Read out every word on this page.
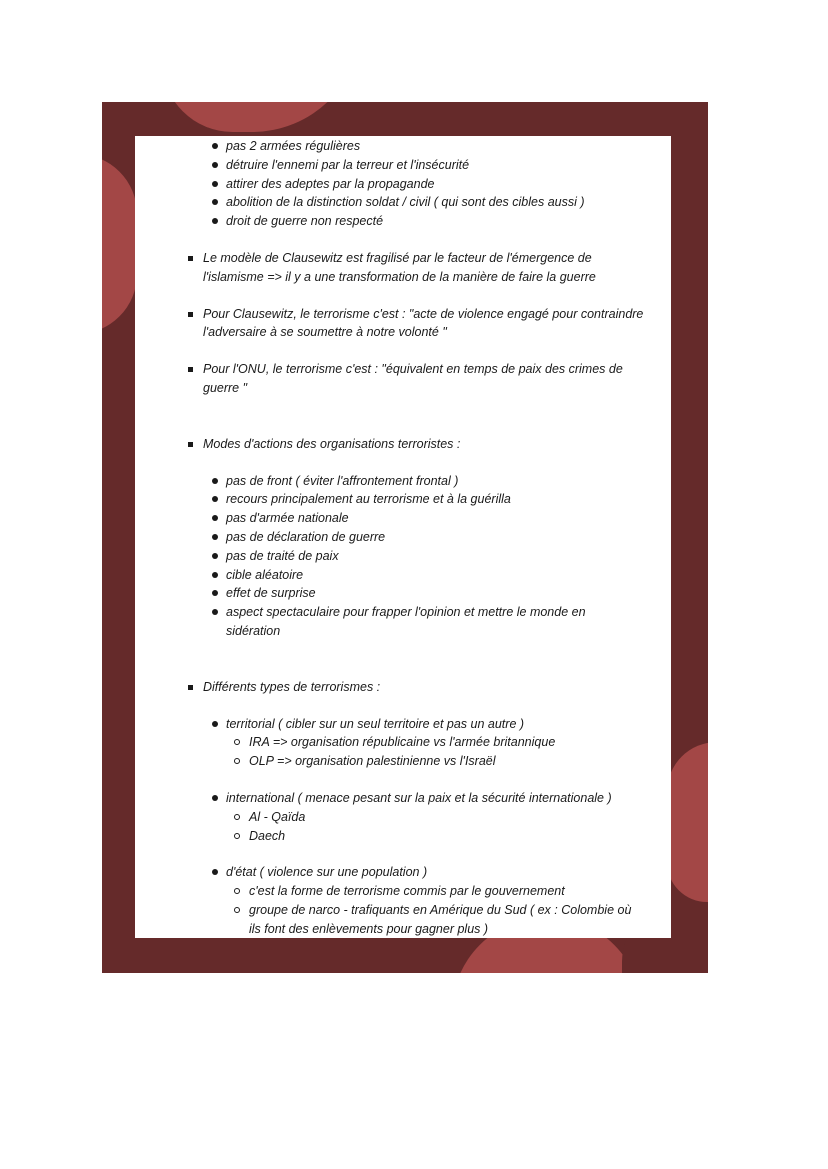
pas 2 armées régulières
détruire l'ennemi par la terreur et l'insécurité
attirer des adeptes par la propagande
abolition de la distinction soldat / civil ( qui sont des cibles aussi )
droit de guerre non respecté
Le modèle de Clausewitz est fragilisé par le facteur de l'émergence de
l'islamisme => il y a une transformation de la manière de faire la guerre
Pour Clausewitz, le terrorisme c'est : "acte de violence engagé pour contraindre
l'adversaire à se soumettre à notre volonté "
Pour l'ONU, le terrorisme c'est : "équivalent en temps de paix des crimes de
guerre "
Modes d'actions des organisations terroristes :
pas de front ( éviter l'affrontement frontal )
recours principalement au terrorisme et à la guérilla
pas d'armée nationale
pas de déclaration de guerre
pas de traité de paix
cible aléatoire
effet de surprise
aspect spectaculaire pour frapper l'opinion et mettre le monde en
sidération
Différents types de terrorismes :
territorial ( cibler sur un seul territoire et pas un autre )
IRA => organisation républicaine vs l'armée britannique
OLP => organisation palestinienne vs l'Israël
international ( menace pesant sur la paix et la sécurité internationale )
Al - Qaïda
Daech
d'état ( violence sur une population )
c'est la forme de terrorisme commis par le gouvernement
groupe de narco - trafiquants en Amérique du Sud ( ex : Colombie où
ils font des enlèvements pour gagner plus )
